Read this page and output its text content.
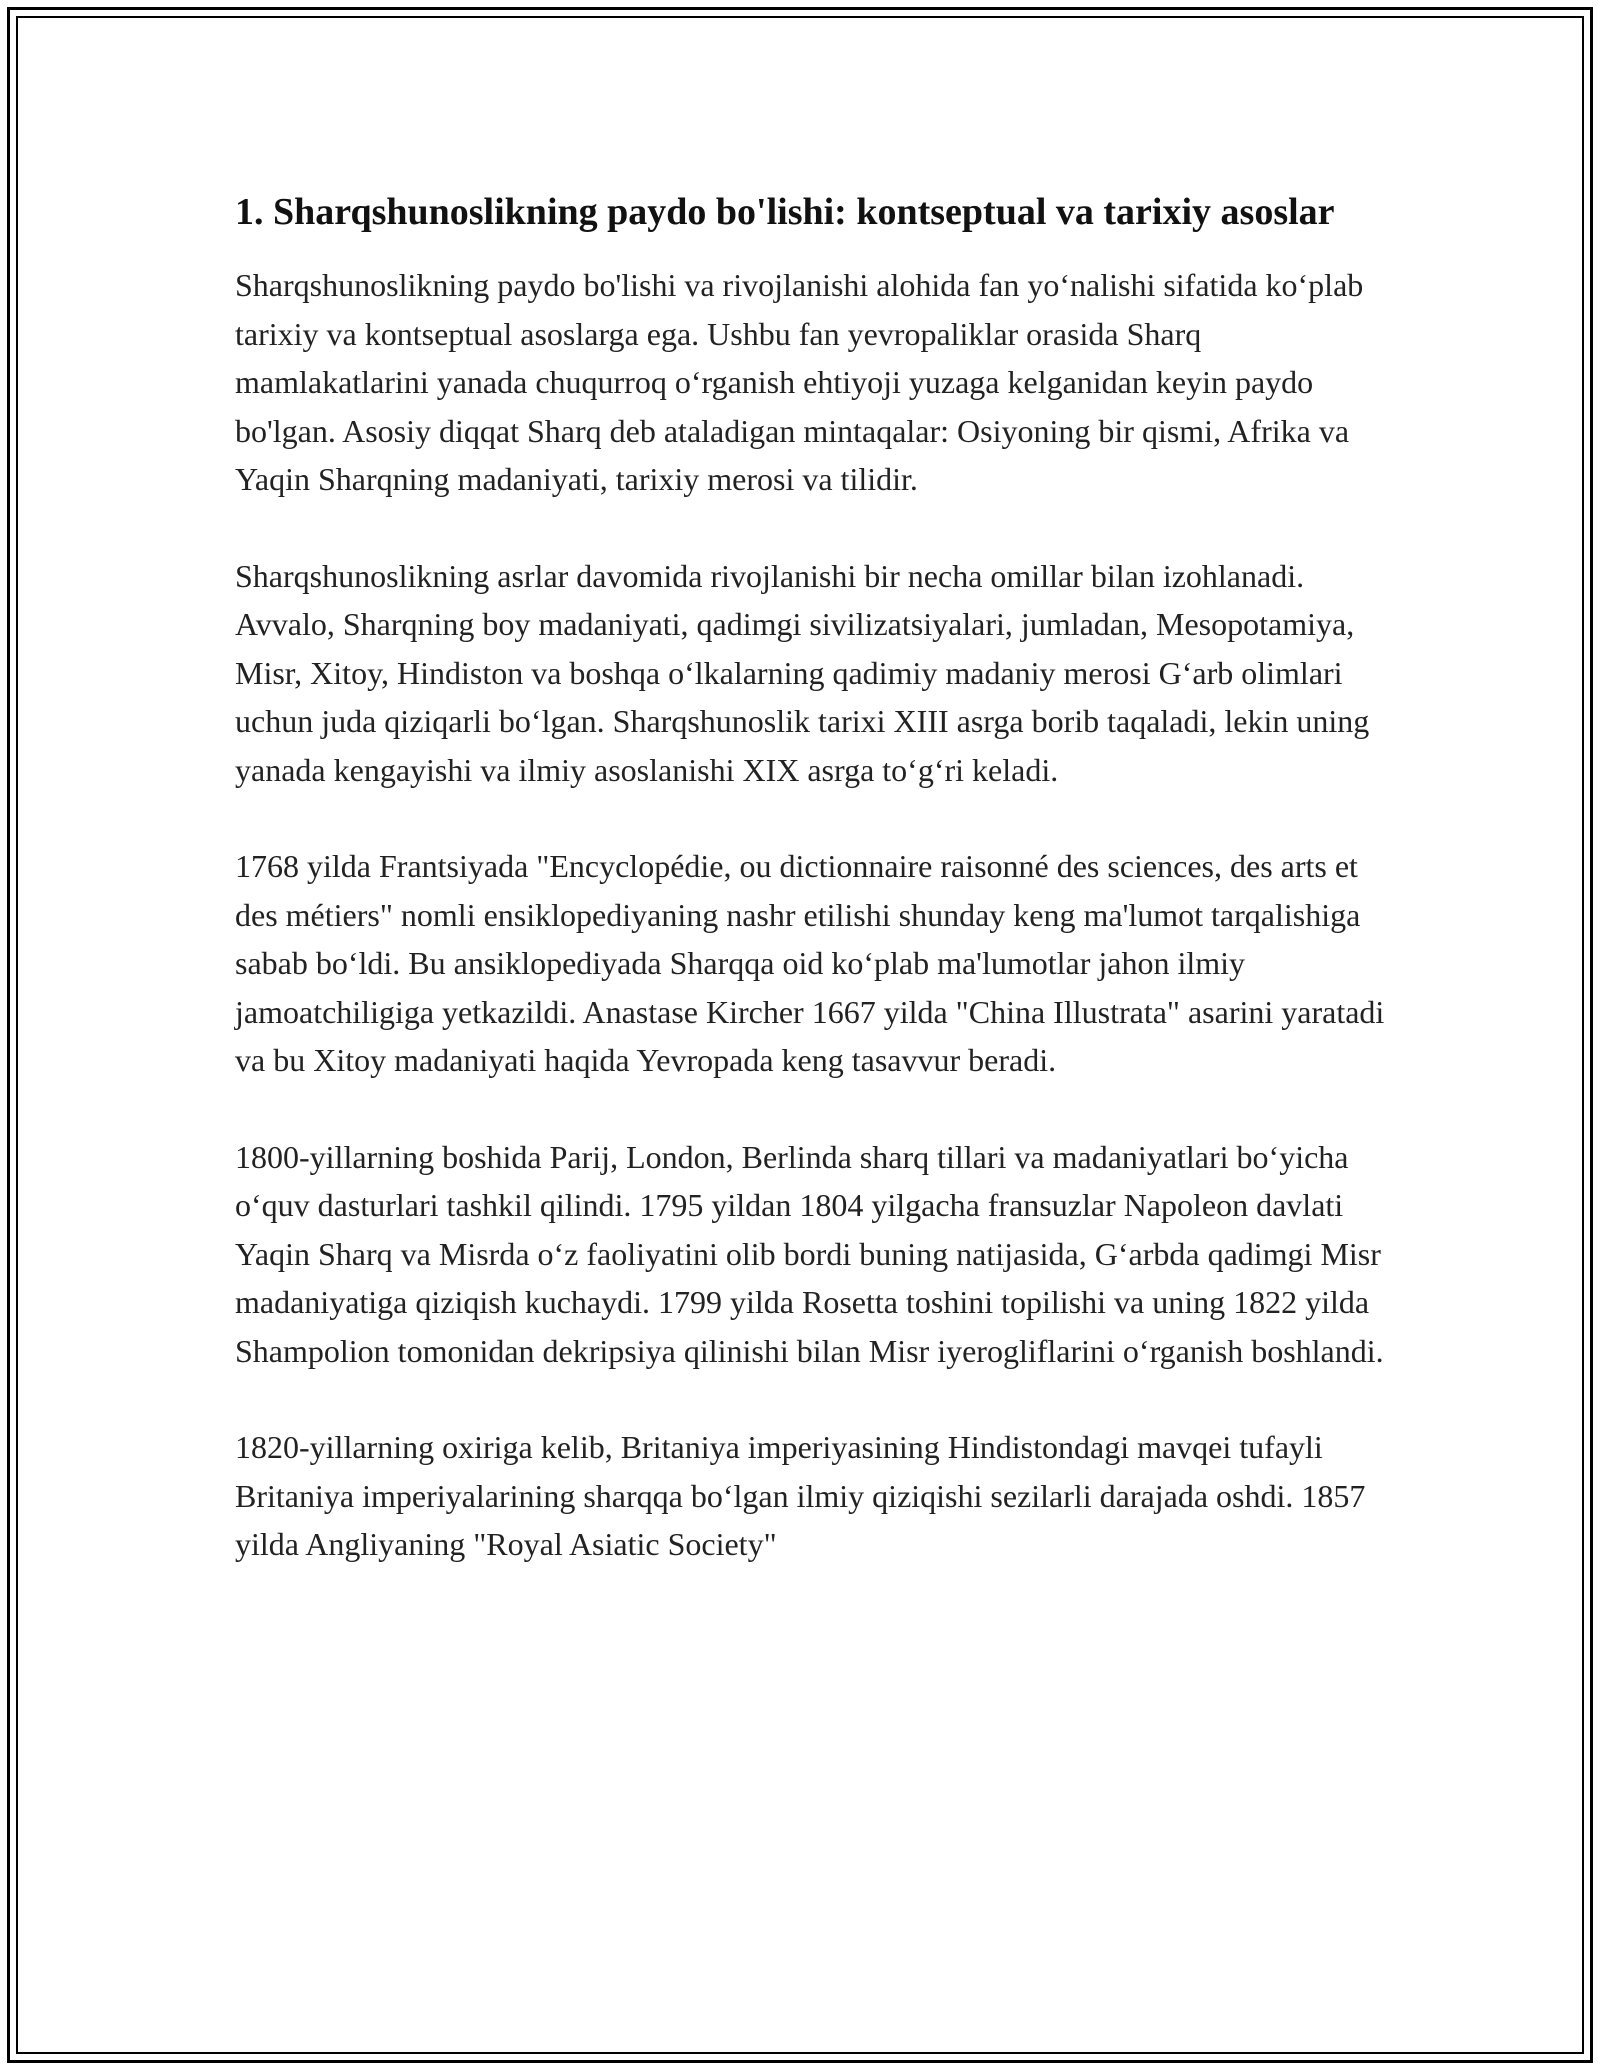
1. Sharqshunoslikning paydo bo'lishi: kontseptual va tarixiy asoslar

Sharqshunoslikning paydo bo'lishi va rivojlanishi alohida fan yo‘nalishi sifatida ko‘plab tarixiy va kontseptual asoslarga ega. Ushbu fan yevropaliklar orasida Sharq mamlakatlarini yanada chuqurroq o‘rganish ehtiyoji yuzaga kelganidan keyin paydo bo'lgan. Asosiy diqqat Sharq deb ataladigan mintaqalar: Osiyoning bir qismi, Afrika va Yaqin Sharqning madaniyati, tarixiy merosi va tilidir.

Sharqshunoslikning asrlar davomida rivojlanishi bir necha omillar bilan izohlanadi. Avvalo, Sharqning boy madaniyati, qadimgi sivilizatsiyalari, jumladan, Mesopotamiya, Misr, Xitoy, Hindiston va boshqa o‘lkalarning qadimiy madaniy merosi G‘arb olimlari uchun juda qiziqarli bo‘lgan. Sharqshunoslik tarixi XIII asrga borib taqaladi, lekin uning yanada kengayishi va ilmiy asoslanishi XIX asrga to‘g‘ri keladi.

1768 yilda Frantsiyada "Encyclopédie, ou dictionnaire raisonné des sciences, des arts et des métiers" nomli ensiklopediyaning nashr etilishi shunday keng ma'lumot tarqalishiga sabab bo‘ldi. Bu ansiklopediyada Sharqqa oid ko‘plab ma'lumotlar jahon ilmiy jamoatchiligiga yetkazildi. Anastase Kircher 1667 yilda "China Illustrata" asarini yaratadi va bu Xitoy madaniyati haqida Yevropada keng tasavvur beradi.

1800-yillarning boshida Parij, London, Berlinda sharq tillari va madaniyatlari bo‘yicha o‘quv dasturlari tashkil qilindi. 1795 yildan 1804 yilgacha fransuzlar Napoleon davlati Yaqin Sharq va Misrda o‘z faoliyatini olib bordi buning natijasida, G‘arbda qadimgi Misr madaniyatiga qiziqish kuchaydi. 1799 yilda Rosetta toshini topilishi va uning 1822 yilda Shampolion tomonidan dekripsiya qilinishi bilan Misr iyerogliflarini o‘rganish boshlandi.

1820-yillarning oxiriga kelib, Britaniya imperiyasining Hindistondagi mavqei tufayli Britaniya imperiyalarining sharqqa bo‘lgan ilmiy qiziqishi sezilarli darajada oshdi. 1857 yilda Angliyaning "Royal Asiatic Society"
